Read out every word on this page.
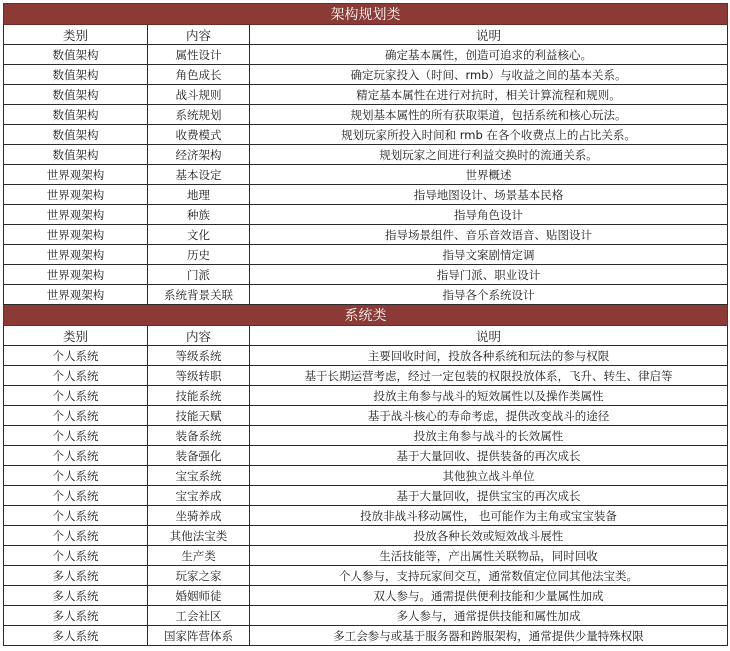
架构规划类		
类别	内容	说明
数值架构	属性设计	确定基本属性，创造可追求的利益核心。
数值架构	角色成长	确定玩家投入（时间、rmb）与收益之间的基本关系。
数值架构	战斗规则	精定基本属性在进行对抗时，相关计算流程和规则。
数值架构	系统规划	规划基本属性的所有获取渠道，包括系统和核心玩法。
数值架构	收费模式	规划玩家所投入时间和 rmb 在各个收费点上的占比关系。
数值架构	经济架构	规划玩家之间进行利益交换时的流通关系。
世界观架构	基本设定	世界概述
世界观架构	地理	指导地图设计、场景基本民格
世界观架构	种族	指导角色设计
世界观架构	文化	指导场景组件、音乐音效语音、贴图设计
世界观架构	历史	指导文案剧情定调
世界观架构	门派	指导门派、职业设计
世界观架构	系统背景关联	指导各个系统设计
系统类		
类别	内容	说明
个人系统	等级系统	主要回收时间，投放各种系统和玩法的参与权限
个人系统	等级转职	基于长期运营考虑，经过一定包装的权限投放体系，飞升、转生、律启等
个人系统	技能系统	投放主角参与战斗的短效属性以及操作类属性
个人系统	技能天赋	基于战斗核心的寿命考虑，提供改变战斗的途径
个人系统	装备系统	投放主角参与战斗的长效属性
个人系统	装备强化	基于大量回收、提供装备的再次成长
个人系统	宝宝系统	其他独立战斗单位
个人系统	宝宝养成	基于大量回收，提供宝宝的再次成长
个人系统	坐骑养成	投放非战斗移动属性， 也可能作为主角或宝宝装备
个人系统	其他法宝类	投放各种长效或短效战斗展性
个人系统	生产类	生活技能等，产出属性关联物品，同时回收
多人系统	玩家之家	个人参与，支持玩家间交互，通常数值定位同其他法宝类。
多人系统	婚姻师徒	双人参与。通需提供便利技能和少量属性加成
多人系统	工会社区	多人参与，通常提供技能和属性加成
多人系统	国家阵营体系	多工会参与或基于服务器和跨服架构，通常提供少量特殊权限
